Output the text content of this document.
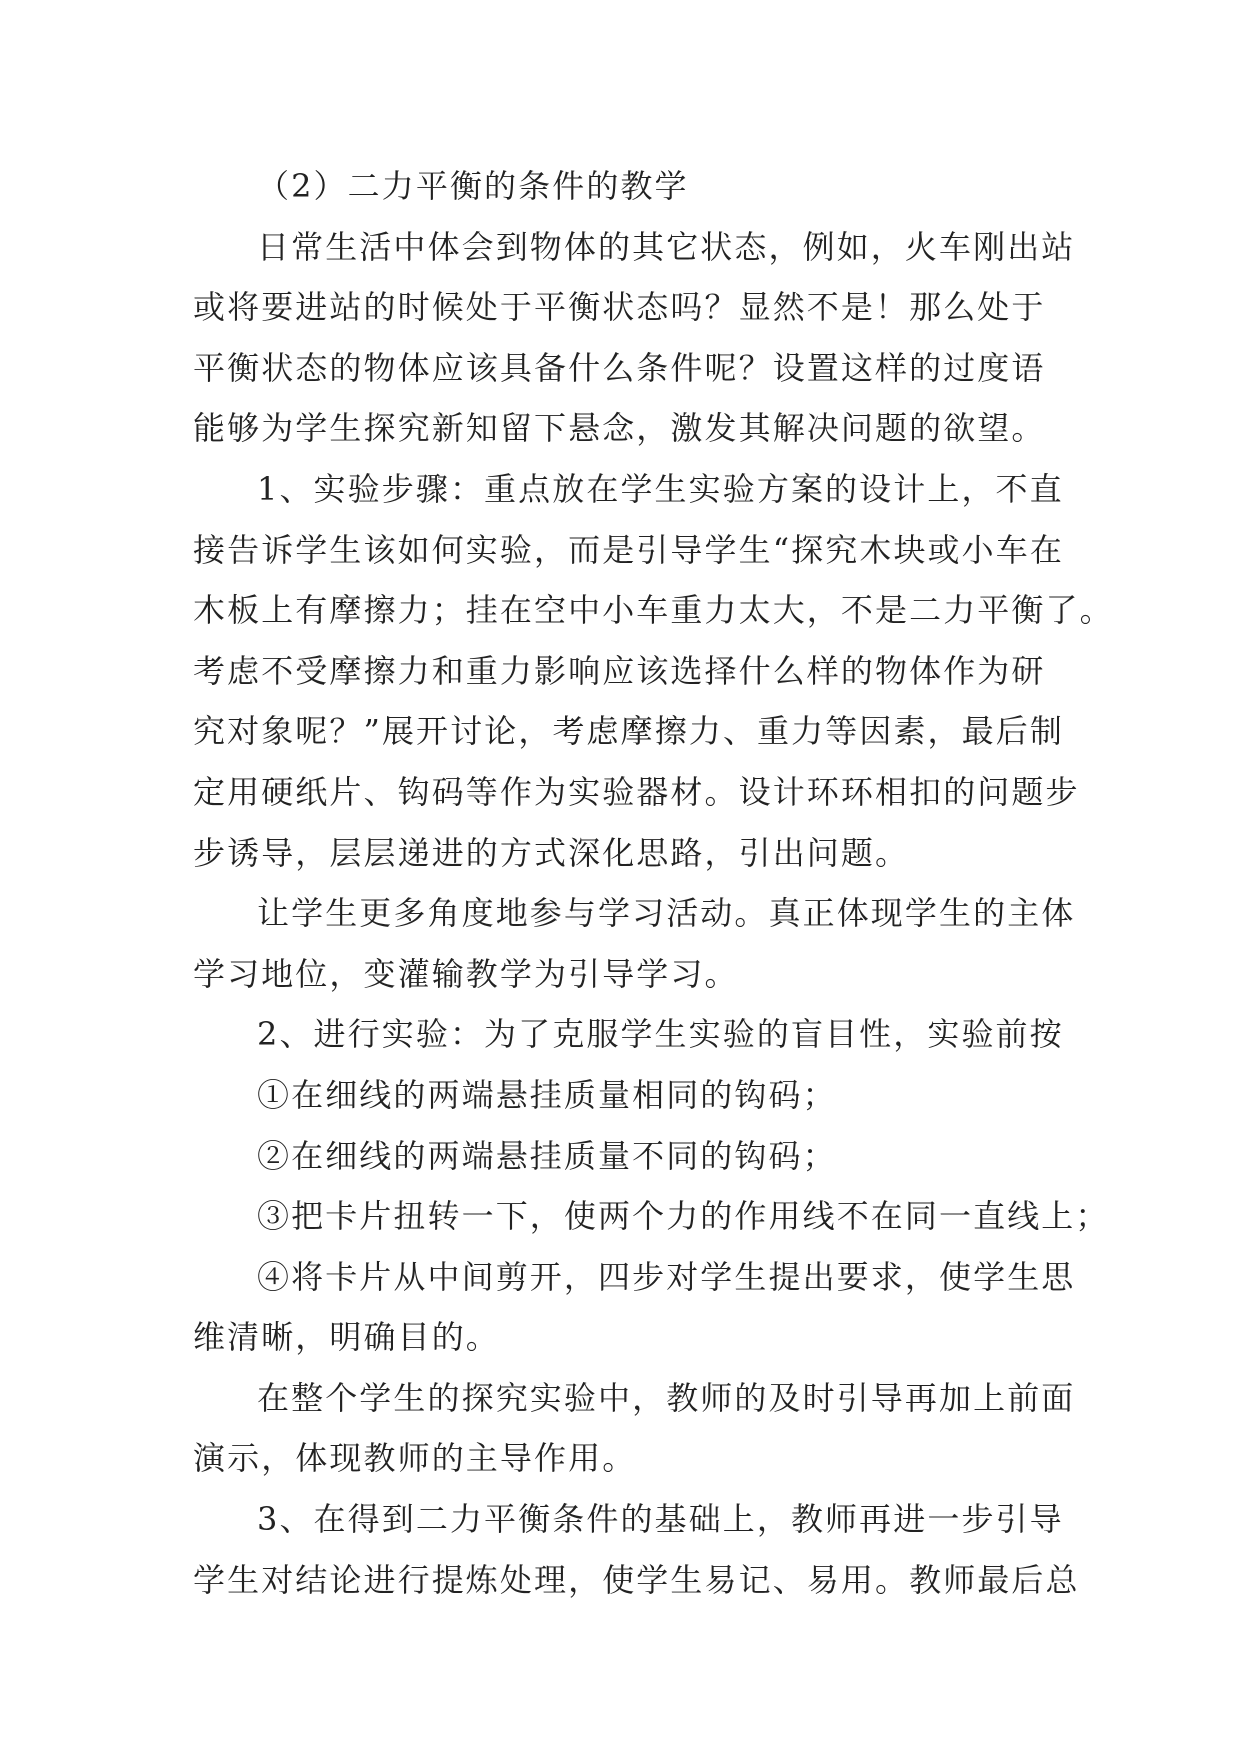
（2）二力平衡的条件的教学
日常生活中体会到物体的其它状态，例如，火车刚出站
或将要进站的时候处于平衡状态吗？显然不是！那么处于
平衡状态的物体应该具备什么条件呢？设置这样的过度语
能够为学生探究新知留下悬念，激发其解决问题的欲望。
1、实验步骤：重点放在学生实验方案的设计上，不直
接告诉学生该如何实验，而是引导学生“探究木块或小车在
木板上有摩擦力；挂在空中小车重力太大，不是二力平衡了。
考虑不受摩擦力和重力影响应该选择什么样的物体作为研
究对象呢？”展开讨论，考虑摩擦力、重力等因素，最后制
定用硬纸片、钩码等作为实验器材。设计环环相扣的问题步
步诱导，层层递进的方式深化思路，引出问题。
让学生更多角度地参与学习活动。真正体现学生的主体
学习地位，变灌输教学为引导学习。
2、进行实验：为了克服学生实验的盲目性，实验前按
①在细线的两端悬挂质量相同的钩码；
②在细线的两端悬挂质量不同的钩码；
③把卡片扭转一下，使两个力的作用线不在同一直线上；
④将卡片从中间剪开，四步对学生提出要求，使学生思
维清晰，明确目的。
在整个学生的探究实验中，教师的及时引导再加上前面
演示，体现教师的主导作用。
3、在得到二力平衡条件的基础上，教师再进一步引导
学生对结论进行提炼处理，使学生易记、易用。教师最后总
